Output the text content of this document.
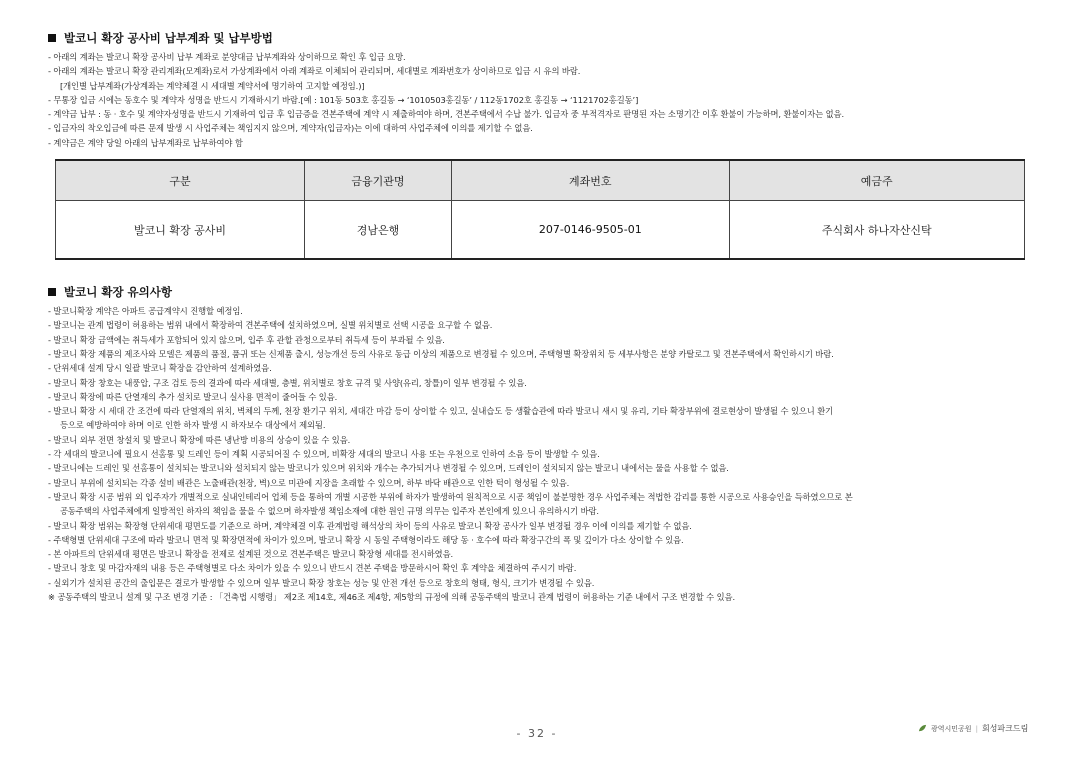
발코니 확장 공사비 납부계좌 및 납부방법
- 아래의 계좌는 발코니 확장 공사비 납부 계좌로 분양대금 납부계좌와 상이하므로 확인 후 입금 요망.
- 아래의 계좌는 발코니 확장 관리계좌(모계좌)로서 가상계좌에서 아래 계좌로 이체되어 관리되며, 세대별로 계좌번호가 상이하므로 입금 시 유의 바람.
[개인별 납부계좌(가상계좌는 계약체결 시 세대별 계약서에 명기하여 고지할 예정임.)]
- 무통장 입금 시에는 동호수 및 계약자 성명을 반드시 기재하시기 바람.[예 : 101동 503호 홍길동 → ‘1010503홍길동’ / 112동1702호 홍길동 → ‘1121702홍길동’]
- 계약금 납부 : 동 · 호수 및 계약자성명을 반드시 기재하여 입금 후 입금증을 견본주택에 계약 시 제출하여야 하며, 견본주택에서 수납 불가. 입금자 중 부적격자로 판명된 자는 소명기간 이후 환불이 가능하며, 환불이자는 없음.
- 입금자의 착오입금에 따른 문제 발생 시 사업주체는 책임지지 않으며, 계약자(입금자)는 이에 대하여 사업주체에 이의를 제기할 수 없음.
- 계약금은 계약 당일 아래의 납부계좌로 납부하여야 함
구분	금융기관명	계좌번호	예금주
발코니 확장 공사비	경남은행	207-0146-9505-01	주식회사 하나자산신탁
발코니 확장 유의사항
- 발코니확장 계약은 아파트 공급계약시 진행할 예정임.
- 발코니는 관계 법령이 허용하는 범위 내에서 확장하여 견본주택에 설치하였으며, 실별 위치별로 선택 시공을 요구할 수 없음.
- 발코니 확장 금액에는 취득세가 포함되어 있지 않으며, 입주 후 관할 관청으로부터 취득세 등이 부과될 수 있음.
- 발코니 확장 제품의 제조사와 모델은 제품의 품절, 품귀 또는 신제품 출시, 성능개선 등의 사유로 동급 이상의 제품으로 변경될 수 있으며, 주택형별 확장위치 등 세부사항은 분양 카탈로그 및 견본주택에서 확인하시기 바람.
- 단위세대 설계 당시 일괄 발코니 확장을 감안하여 설계하였음.
- 발코니 확장 창호는 내풍압, 구조 검토 등의 결과에 따라 세대별, 층별, 위치별로 창호 규격 및 사양(유리, 창틀)이 일부 변경될 수 있음.
- 발코니 확장에 따른 단열재의 추가 설치로 발코니 실사용 면적이 줄어들 수 있음.
- 발코니 확장 시 세대 간 조건에 따라 단열재의 위치, 벽체의 두께, 천장 환기구 위치, 세대간 마감 등이 상이할 수 있고, 실내습도 등 생활습관에 따라 발코니 새시 및 유리, 기타 확장부위에 결로현상이 발생될 수 있으니 환기
등으로 예방하여야 하며 이로 인한 하자 발생 시 하자보수 대상에서 제외됨.
- 발코니 외부 전면 창설치 및 발코니 확장에 따른 냉난방 비용의 상승이 있을 수 있음.
- 각 세대의 발코니에 필요시 선홈통 및 드레인 등이 계획 시공되어질 수 있으며, 비확장 세대의 발코니 사용 또는 우천으로 인하여 소음 등이 발생할 수 있음.
- 발코니에는 드레인 및 선홈통이 설치되는 발코니와 설치되지 않는 발코니가 있으며 위치와 개수는 추가되거나 변경될 수 있으며, 드레인이 설치되지 않는 발코니 내에서는 물을 사용할 수 없음.
- 발코니 부위에 설치되는 각종 설비 배관은 노출배관(천장, 벽)으로 미관에 지장을 초래할 수 있으며, 하부 바닥 배관으로 인한 턱이 형성될 수 있음.
- 발코니 확장 시공 범위 외 입주자가 개별적으로 실내인테리어 업체 등을 통하여 개별 시공한 부위에 하자가 발생하여 원칙적으로 시공 책임이 불분명한 경우 사업주체는 적법한 감리를 통한 시공으로 사용승인을 득하였으므로 본
공동주택의 사업주체에게 일방적인 하자의 책임을 물을 수 없으며 하자발생 책임소재에 대한 원인 규명 의무는 입주자 본인에게 있으니 유의하시기 바람.
- 발코니 확장 범위는 확장형 단위세대 평면도를 기준으로 하며, 계약체결 이후 관계법령 해석상의 차이 등의 사유로 발코니 확장 공사가 일부 변경될 경우 이에 이의를 제기할 수 없음.
- 주택형별 단위세대 구조에 따라 발코니 면적 및 확장면적에 차이가 있으며, 발코니 확장 시 동일 주택형이라도 해당 동 · 호수에 따라 확장구간의 폭 및 깊이가 다소 상이할 수 있음.
- 본 아파트의 단위세대 평면은 발코니 확장을 전제로 설계된 것으로 견본주택은 발코니 확장형 세대를 전시하였음.
- 발코니 창호 및 마감자재의 내용 등은 주택형별로 다소 차이가 있을 수 있으니 반드시 견본 주택을 방문하시어 확인 후 계약을 체결하여 주시기 바람.
- 실외기가 설치된 공간의 출입문은 결로가 발생할 수 있으며 일부 발코니 확장 창호는 성능 및 안전 개선 등으로 창호의 형태, 형식, 크기가 변경될 수 있음.
※ 공동주택의 발코니 설계 및 구조 변경 기준 : 「건축법 시행령」 제2조 제14호, 제46조 제4항, 제5항의 규정에 의해 공동주택의 발코니 관계 법령이 허용하는 기준 내에서 구조 변경할 수 있음.
- 32 -	광역시민공원 | 회성파크드림
